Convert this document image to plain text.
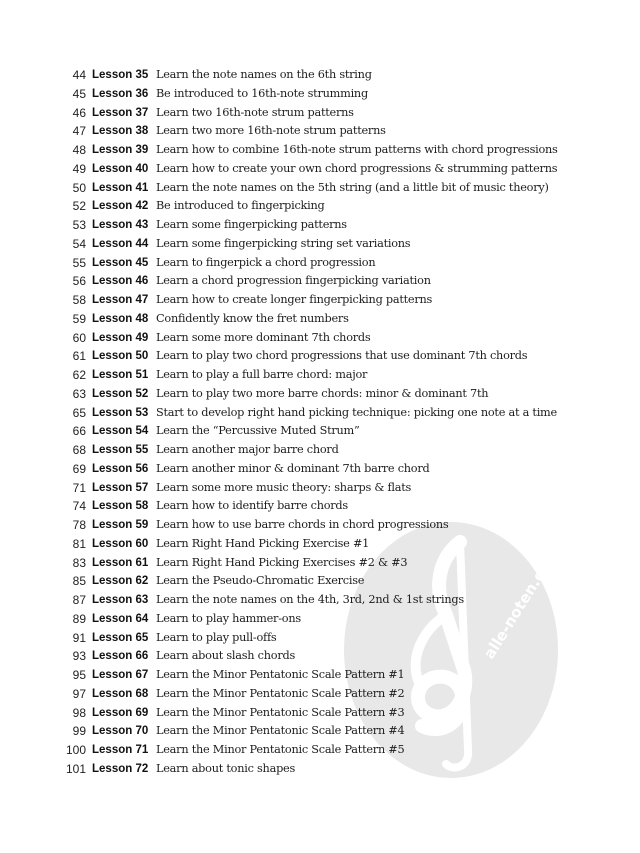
alle-noten.de
44 Lesson 35 Learn the note names on the 6th string
45 Lesson 36 Be introduced to 16th-note strumming
46 Lesson 37 Learn two 16th-note strum patterns
47 Lesson 38 Learn two more 16th-note strum patterns
48 Lesson 39 Learn how to combine 16th-note strum patterns with chord progressions
49 Lesson 40 Learn how to create your own chord progressions & strumming patterns
50 Lesson 41 Learn the note names on the 5th string (and a little bit of music theory)
52 Lesson 42 Be introduced to fingerpicking
53 Lesson 43 Learn some fingerpicking patterns
54 Lesson 44 Learn some fingerpicking string set variations
55 Lesson 45 Learn to fingerpick a chord progression
56 Lesson 46 Learn a chord progression fingerpicking variation
58 Lesson 47 Learn how to create longer fingerpicking patterns
59 Lesson 48 Confidently know the fret numbers
60 Lesson 49 Learn some more dominant 7th chords
61 Lesson 50 Learn to play two chord progressions that use dominant 7th chords
62 Lesson 51 Learn to play a full barre chord: major
63 Lesson 52 Learn to play two more barre chords: minor & dominant 7th
65 Lesson 53 Start to develop right hand picking technique: picking one note at a time
66 Lesson 54 Learn the “Percussive Muted Strum”
68 Lesson 55 Learn another major barre chord
69 Lesson 56 Learn another minor & dominant 7th barre chord
71 Lesson 57 Learn some more music theory: sharps & flats
74 Lesson 58 Learn how to identify barre chords
78 Lesson 59 Learn how to use barre chords in chord progressions
81 Lesson 60 Learn Right Hand Picking Exercise #1
83 Lesson 61 Learn Right Hand Picking Exercises #2 & #3
85 Lesson 62 Learn the Pseudo-Chromatic Exercise
87 Lesson 63 Learn the note names on the 4th, 3rd, 2nd & 1st strings
89 Lesson 64 Learn to play hammer-ons
91 Lesson 65 Learn to play pull-offs
93 Lesson 66 Learn about slash chords
95 Lesson 67 Learn the Minor Pentatonic Scale Pattern #1
97 Lesson 68 Learn the Minor Pentatonic Scale Pattern #2
98 Lesson 69 Learn the Minor Pentatonic Scale Pattern #3
99 Lesson 70 Learn the Minor Pentatonic Scale Pattern #4
100 Lesson 71 Learn the Minor Pentatonic Scale Pattern #5
101 Lesson 72 Learn about tonic shapes
